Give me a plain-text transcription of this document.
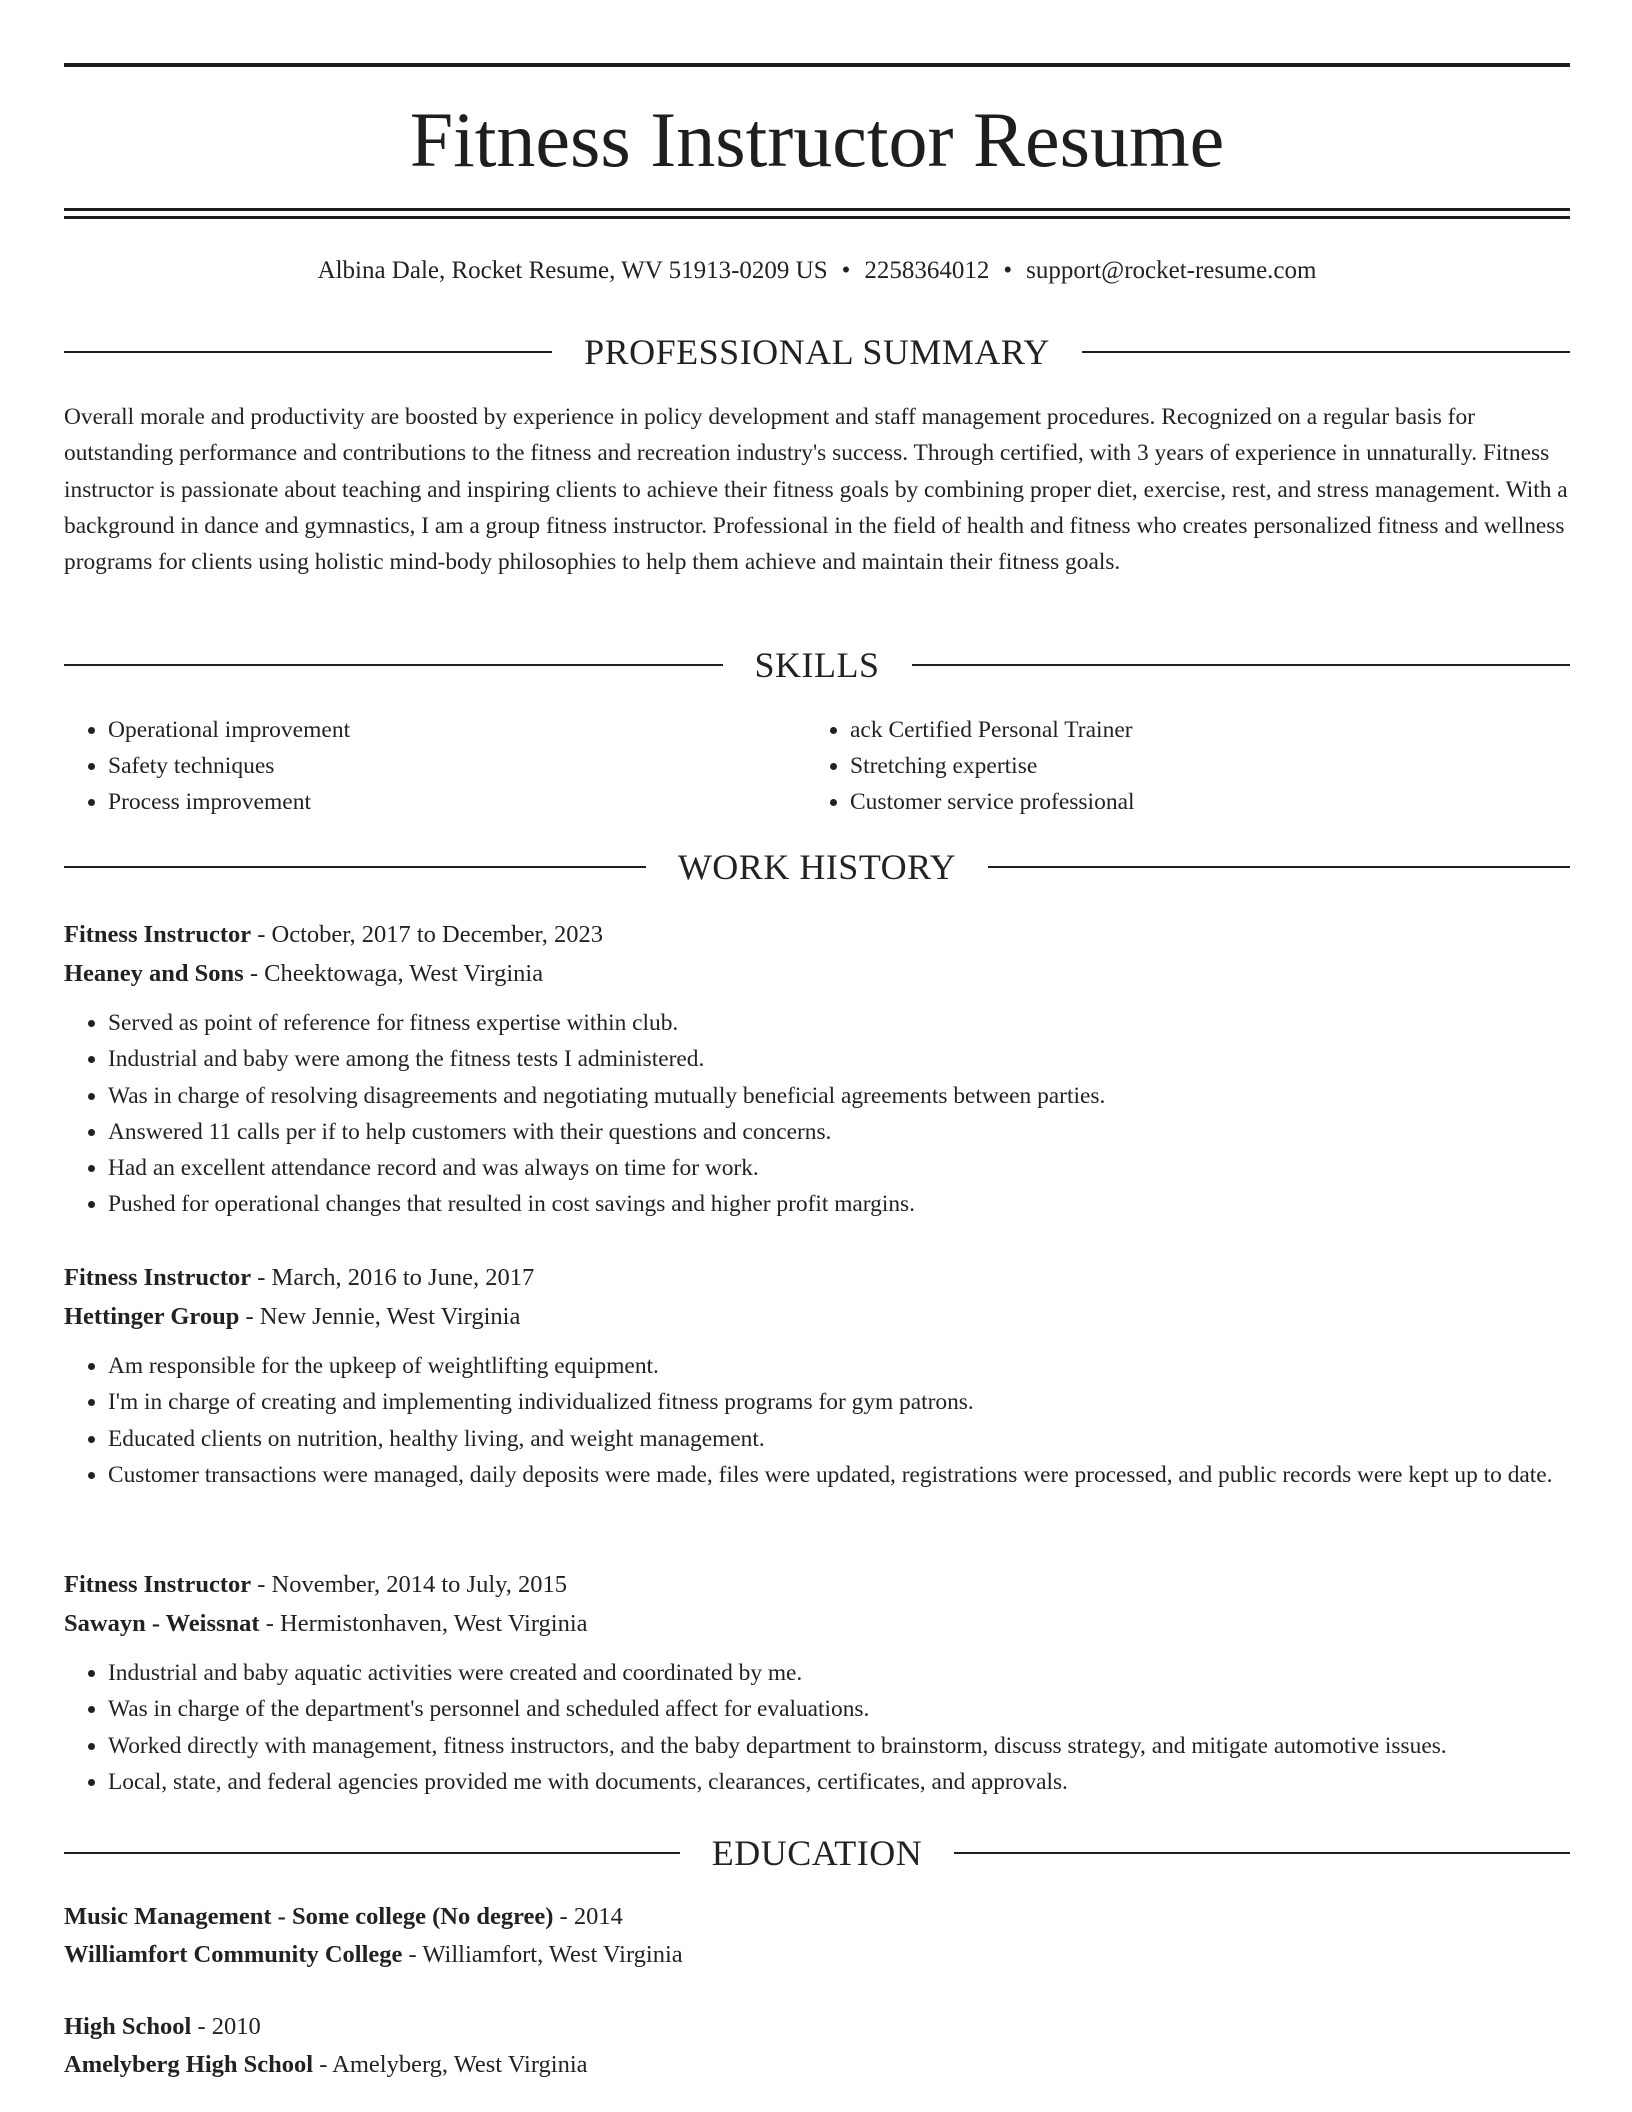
Fitness Instructor Resume
Albina Dale, Rocket Resume, WV 51913-0209 US • 2258364012 • support@rocket-resume.com
PROFESSIONAL SUMMARY

Overall morale and productivity are boosted by experience in policy development and staff management procedures. Recognized on a regular basis for outstanding performance and contributions to the fitness and recreation industry's success. Through certified, with 3 years of experience in unnaturally. Fitness instructor is passionate about teaching and inspiring clients to achieve their fitness goals by combining proper diet, exercise, rest, and stress management. With a background in dance and gymnastics, I am a group fitness instructor. Professional in the field of health and fitness who creates personalized fitness and wellness programs for clients using holistic mind-body philosophies to help them achieve and maintain their fitness goals.

SKILLS
• Operational improvement
• Safety techniques
• Process improvement
• ack Certified Personal Trainer
• Stretching expertise
• Customer service professional
WORK HISTORY
Fitness Instructor - October, 2017 to December, 2023
Heaney and Sons - Cheektowaga, West Virginia
• Served as point of reference for fitness expertise within club.
• Industrial and baby were among the fitness tests I administered.
• Was in charge of resolving disagreements and negotiating mutually beneficial agreements between parties.
• Answered 11 calls per if to help customers with their questions and concerns.
• Had an excellent attendance record and was always on time for work.
• Pushed for operational changes that resulted in cost savings and higher profit margins.
Fitness Instructor - March, 2016 to June, 2017
Hettinger Group - New Jennie, West Virginia
• Am responsible for the upkeep of weightlifting equipment.
• I'm in charge of creating and implementing individualized fitness programs for gym patrons.
• Educated clients on nutrition, healthy living, and weight management.
• Customer transactions were managed, daily deposits were made, files were updated, registrations were processed, and public records were kept up to date.
Fitness Instructor - November, 2014 to July, 2015
Sawayn - Weissnat - Hermistonhaven, West Virginia
• Industrial and baby aquatic activities were created and coordinated by me.
• Was in charge of the department's personnel and scheduled affect for evaluations.
• Worked directly with management, fitness instructors, and the baby department to brainstorm, discuss strategy, and mitigate automotive issues.
• Local, state, and federal agencies provided me with documents, clearances, certificates, and approvals.
EDUCATION
Music Management - Some college (No degree) - 2014
Williamfort Community College - Williamfort, West Virginia
High School - 2010
Amelyberg High School - Amelyberg, West Virginia
